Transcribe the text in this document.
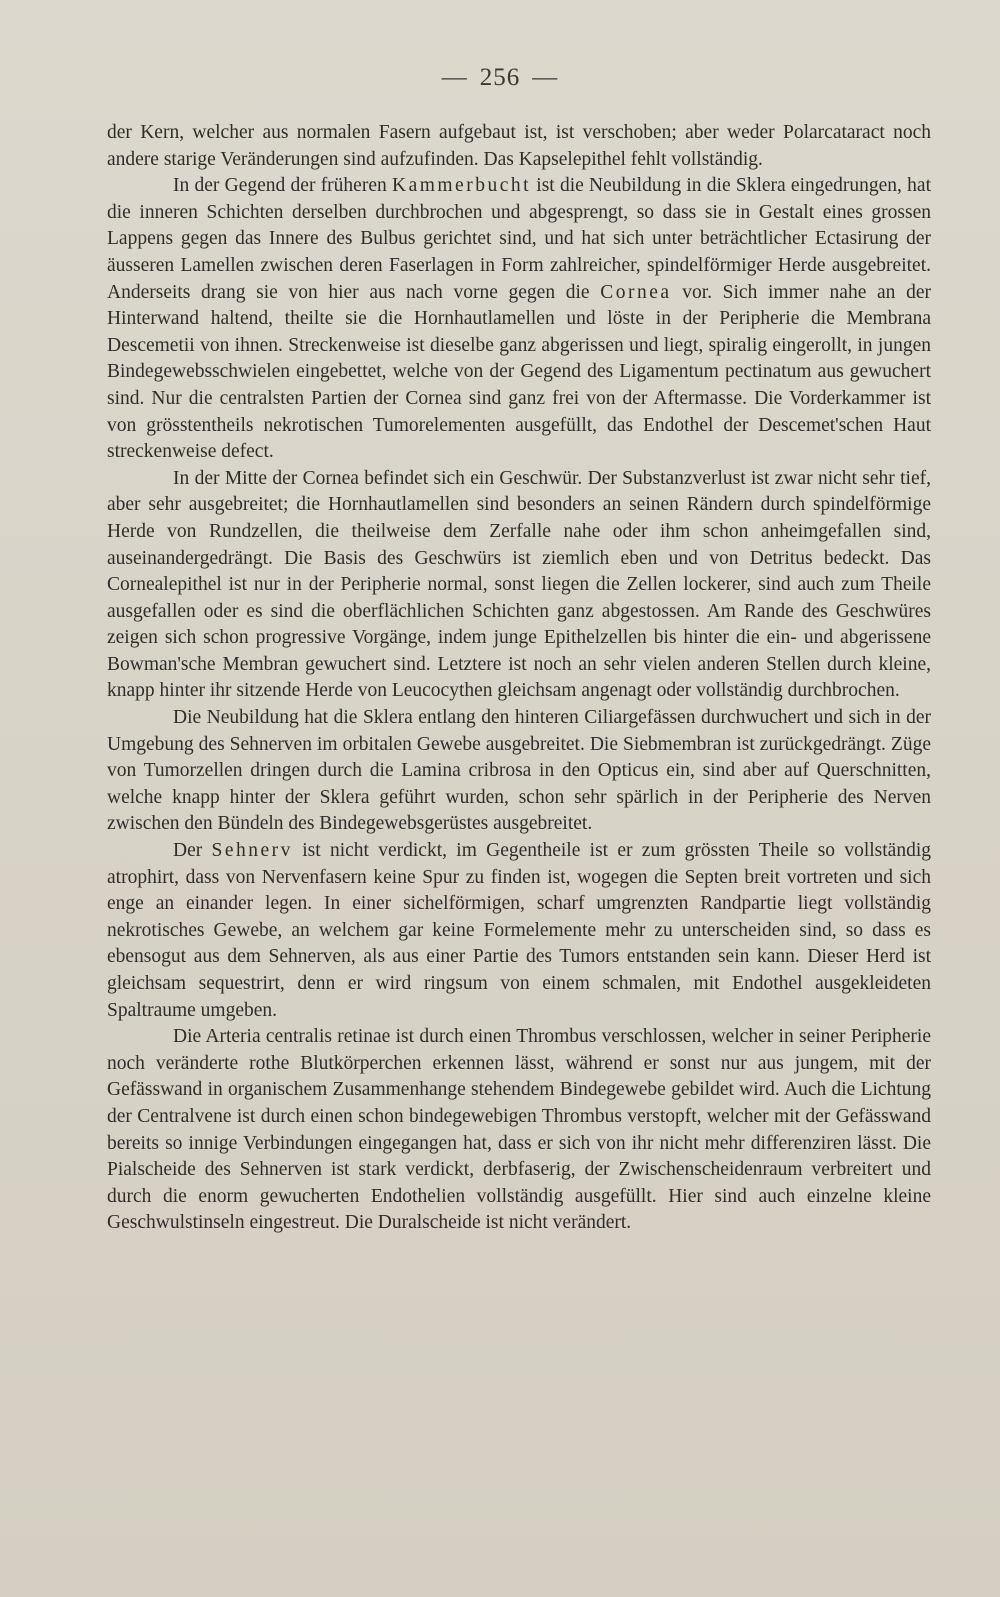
— 256 —

der Kern, welcher aus normalen Fasern aufgebaut ist, ist verschoben; aber weder Polarcataract noch andere starige Veränderungen sind aufzufinden. Das Kapselepithel fehlt vollständig.

In der Gegend der früheren Kammerbucht ist die Neubildung in die Sklera eingedrungen, hat die inneren Schichten derselben durchbrochen und abgesprengt, so dass sie in Gestalt eines grossen Lappens gegen das Innere des Bulbus gerichtet sind, und hat sich unter beträchtlicher Ectasirung der äusseren Lamellen zwischen deren Faserlagen in Form zahlreicher, spindelförmiger Herde ausgebreitet. Anderseits drang sie von hier aus nach vorne gegen die Cornea vor. Sich immer nahe an der Hinterwand haltend, theilte sie die Hornhautlamellen und löste in der Peripherie die Membrana Descemetii von ihnen. Streckenweise ist dieselbe ganz abgerissen und liegt, spiralig eingerollt, in jungen Bindegewebsschwielen eingebettet, welche von der Gegend des Ligamentum pectinatum aus gewuchert sind. Nur die centralsten Partien der Cornea sind ganz frei von der Aftermasse. Die Vorderkammer ist von grösstentheils nekrotischen Tumorelementen ausgefüllt, das Endothel der Descemet'schen Haut streckenweise defect.

In der Mitte der Cornea befindet sich ein Geschwür. Der Substanzverlust ist zwar nicht sehr tief, aber sehr ausgebreitet; die Hornhautlamellen sind besonders an seinen Rändern durch spindelförmige Herde von Rundzellen, die theilweise dem Zerfalle nahe oder ihm schon anheimgefallen sind, auseinandergedrängt. Die Basis des Geschwürs ist ziemlich eben und von Detritus bedeckt. Das Cornealepithel ist nur in der Peripherie normal, sonst liegen die Zellen lockerer, sind auch zum Theile ausgefallen oder es sind die oberflächlichen Schichten ganz abgestossen. Am Rande des Geschwüres zeigen sich schon progressive Vorgänge, indem junge Epithelzellen bis hinter die ein- und abgerissene Bowman'sche Membran gewuchert sind. Letztere ist noch an sehr vielen anderen Stellen durch kleine, knapp hinter ihr sitzende Herde von Leucocythen gleichsam angenagt oder vollständig durchbrochen.

Die Neubildung hat die Sklera entlang den hinteren Ciliargefässen durchwuchert und sich in der Umgebung des Sehnerven im orbitalen Gewebe ausgebreitet. Die Siebmembran ist zurückgedrängt. Züge von Tumorzellen dringen durch die Lamina cribrosa in den Opticus ein, sind aber auf Querschnitten, welche knapp hinter der Sklera geführt wurden, schon sehr spärlich in der Peripherie des Nerven zwischen den Bündeln des Bindegewebsgerüstes ausgebreitet.

Der Sehnerv ist nicht verdickt, im Gegentheile ist er zum grössten Theile so vollständig atrophirt, dass von Nervenfasern keine Spur zu finden ist, wogegen die Septen breit vortreten und sich enge an einander legen. In einer sichelförmigen, scharf umgrenzten Randpartie liegt vollständig nekrotisches Gewebe, an welchem gar keine Formelemente mehr zu unterscheiden sind, so dass es ebensogut aus dem Sehnerven, als aus einer Partie des Tumors entstanden sein kann. Dieser Herd ist gleichsam sequestrirt, denn er wird ringsum von einem schmalen, mit Endothel ausgekleideten Spaltraume umgeben.

Die Arteria centralis retinae ist durch einen Thrombus verschlossen, welcher in seiner Peripherie noch veränderte rothe Blutkörperchen erkennen lässt, während er sonst nur aus jungem, mit der Gefässwand in organischem Zusammenhange stehendem Bindegewebe gebildet wird. Auch die Lichtung der Centralvene ist durch einen schon bindegewebigen Thrombus verstopft, welcher mit der Gefässwand bereits so innige Verbindungen eingegangen hat, dass er sich von ihr nicht mehr differenziren lässt. Die Pialscheide des Sehnerven ist stark verdickt, derbfaserig, der Zwischenscheidenraum verbreitert und durch die enorm gewucherten Endothelien vollständig ausgefüllt. Hier sind auch einzelne kleine Geschwulstinseln eingestreut. Die Duralscheide ist nicht verändert.
